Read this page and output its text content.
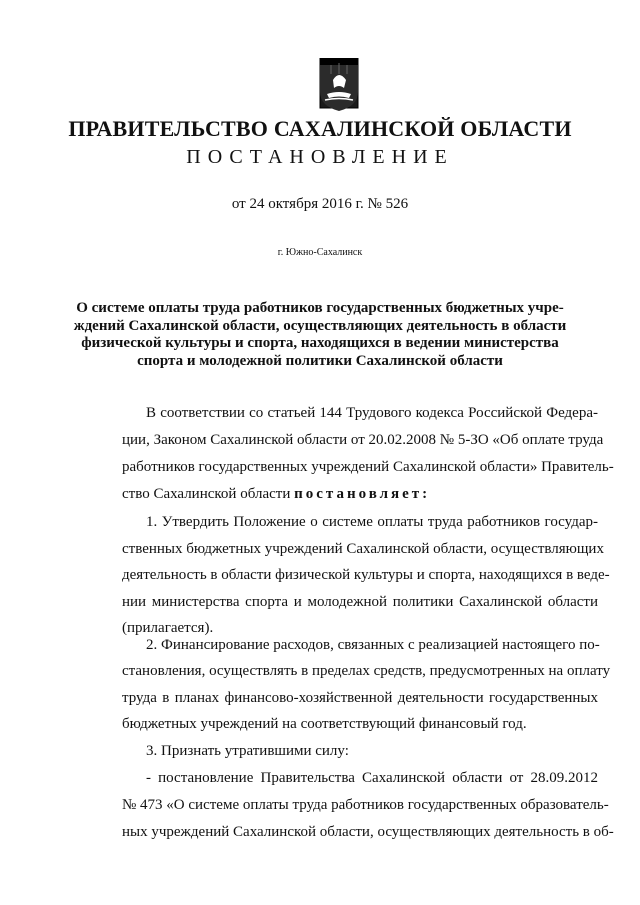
ПРАВИТЕЛЬСТВО САХАЛИНСКОЙ ОБЛАСТИ
ПОСТАНОВЛЕНИЕ
от 24 октября 2016 г. № 526
г. Южно-Сахалинск
О системе оплаты труда работников государственных бюджетных учре-
ждений Сахалинской области, осуществляющих деятельность в области
физической культуры и спорта, находящихся в ведении министерства
спорта и молодежной политики Сахалинской области
В соответствии со статьей 144 Трудового кодекса Российской Федера-
ции, Законом Сахалинской области от 20.02.2008 № 5-ЗО «Об оплате труда
работников государственных учреждений Сахалинской области» Правитель-
ство Сахалинской области постановляет:
1. Утвердить Положение о системе оплаты труда работников государ-
ственных бюджетных учреждений Сахалинской области, осуществляющих
деятельность в области физической культуры и спорта, находящихся в веде-
нии министерства спорта и молодежной политики Сахалинской области
(прилагается).
2. Финансирование расходов, связанных с реализацией настоящего по-
становления, осуществлять в пределах средств, предусмотренных на оплату
труда в планах финансово-хозяйственной деятельности государственных
бюджетных учреждений на соответствующий финансовый год.
3. Признать утратившими силу:
- постановление Правительства Сахалинской области от 28.09.2012
№ 473 «О системе оплаты труда работников государственных образователь-
ных учреждений Сахалинской области, осуществляющих деятельность в об-
